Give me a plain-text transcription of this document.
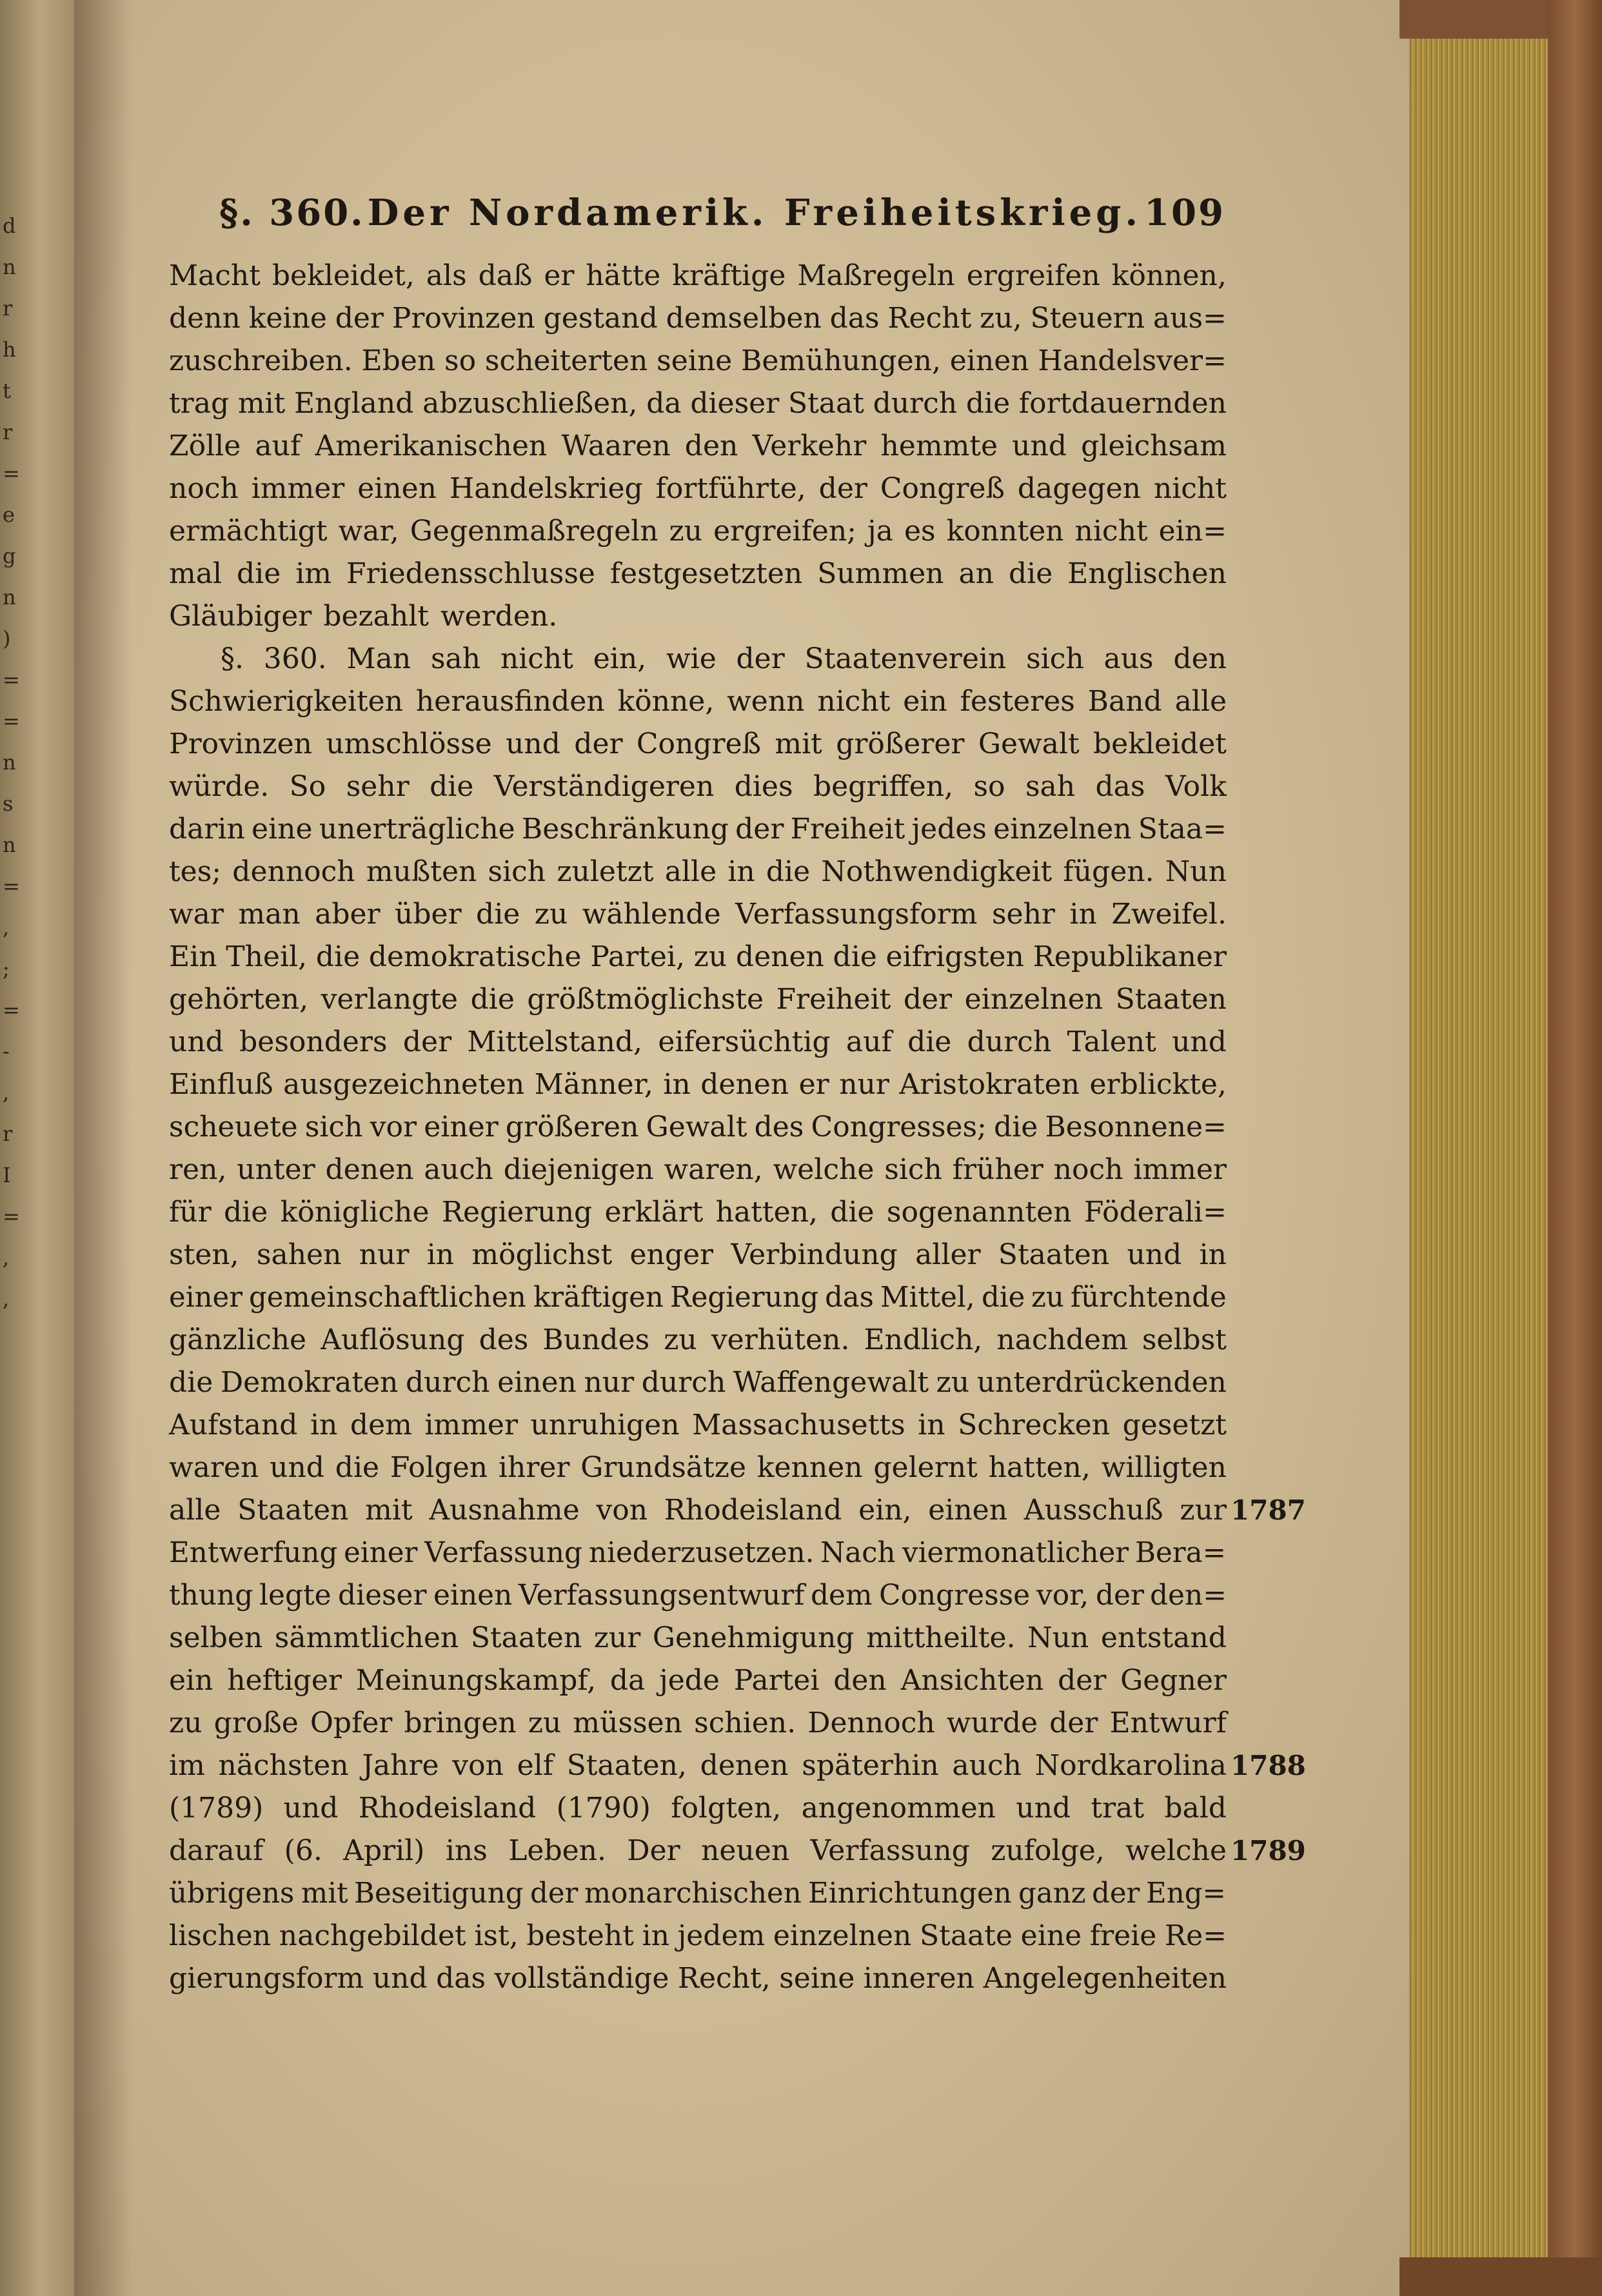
d
n
r
h
t
r
=
e
g
n
)
=
=
n
s
n
=
,
;
=
-
,
r
I
=
,
,
§. 360. Der Nordamerik. Freiheitskrieg. 109
Macht bekleidet, als daß er hätte kräftige Maßregeln ergreifen können,
denn keine der Provinzen gestand demselben das Recht zu, Steuern aus=
zuschreiben. Eben so scheiterten seine Bemühungen, einen Handelsver=
trag mit England abzuschließen, da dieser Staat durch die fortdauernden
Zölle auf Amerikanischen Waaren den Verkehr hemmte und gleichsam
noch immer einen Handelskrieg fortführte, der Congreß dagegen nicht
ermächtigt war, Gegenmaßregeln zu ergreifen; ja es konnten nicht ein=
mal die im Friedensschlusse festgesetzten Summen an die Englischen
Gläubiger bezahlt werden.
§. 360. Man sah nicht ein, wie der Staatenverein sich aus den
Schwierigkeiten herausfinden könne, wenn nicht ein festeres Band alle
Provinzen umschlösse und der Congreß mit größerer Gewalt bekleidet
würde. So sehr die Verständigeren dies begriffen, so sah das Volk
darin eine unerträgliche Beschränkung der Freiheit jedes einzelnen Staa=
tes; dennoch mußten sich zuletzt alle in die Nothwendigkeit fügen. Nun
war man aber über die zu wählende Verfassungsform sehr in Zweifel.
Ein Theil, die demokratische Partei, zu denen die eifrigsten Republikaner
gehörten, verlangte die größtmöglichste Freiheit der einzelnen Staaten
und besonders der Mittelstand, eifersüchtig auf die durch Talent und
Einfluß ausgezeichneten Männer, in denen er nur Aristokraten erblickte,
scheuete sich vor einer größeren Gewalt des Congresses; die Besonnene=
ren, unter denen auch diejenigen waren, welche sich früher noch immer
für die königliche Regierung erklärt hatten, die sogenannten Föderali=
sten, sahen nur in möglichst enger Verbindung aller Staaten und in
einer gemeinschaftlichen kräftigen Regierung das Mittel, die zu fürchtende
gänzliche Auflösung des Bundes zu verhüten. Endlich, nachdem selbst
die Demokraten durch einen nur durch Waffengewalt zu unterdrückenden
Aufstand in dem immer unruhigen Massachusetts in Schrecken gesetzt
waren und die Folgen ihrer Grundsätze kennen gelernt hatten, willigten
alle Staaten mit Ausnahme von Rhodeisland ein, einen Ausschuß zur
Entwerfung einer Verfassung niederzusetzen. Nach viermonatlicher Bera=
thung legte dieser einen Verfassungsentwurf dem Congresse vor, der den=
selben sämmtlichen Staaten zur Genehmigung mittheilte. Nun entstand
ein heftiger Meinungskampf, da jede Partei den Ansichten der Gegner
zu große Opfer bringen zu müssen schien. Dennoch wurde der Entwurf
im nächsten Jahre von elf Staaten, denen späterhin auch Nordkarolina
(1789) und Rhodeisland (1790) folgten, angenommen und trat bald
darauf (6. April) ins Leben. Der neuen Verfassung zufolge, welche
übrigens mit Beseitigung der monarchischen Einrichtungen ganz der Eng=
lischen nachgebildet ist, besteht in jedem einzelnen Staate eine freie Re=
gierungsform und das vollständige Recht, seine inneren Angelegenheiten
1787
1788
1789
